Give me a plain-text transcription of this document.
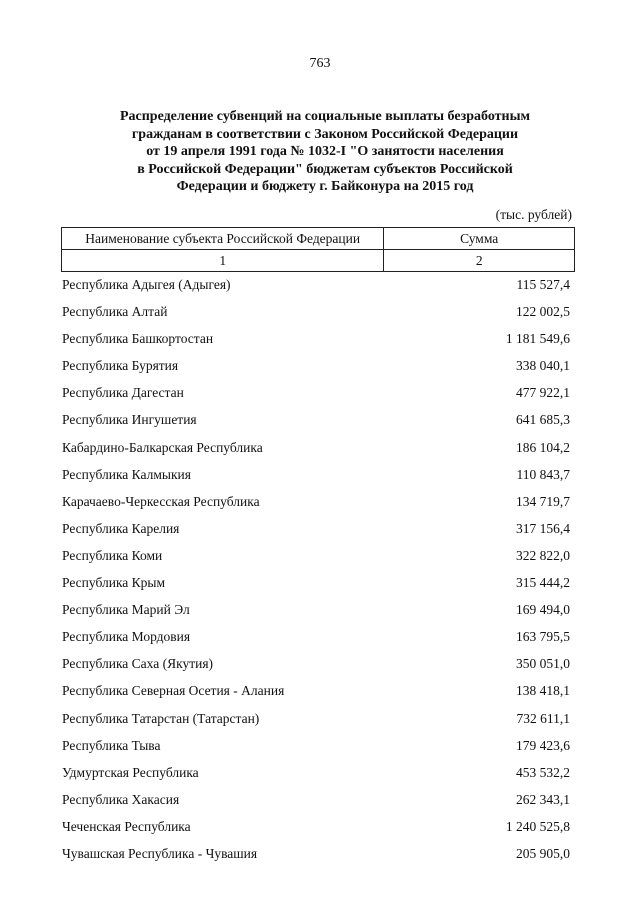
763
Распределение субвенций на социальные выплаты безработным
гражданам в соответствии с Законом Российской Федерации
от 19 апреля 1991 года № 1032-I "О занятости населения
в Российской Федерации" бюджетам субъектов Российской
Федерации и бюджету г. Байконура на 2015 год
(тыс. рублей)
Наименование субъекта Российской Федерации	Сумма
1	2
Республика Адыгея (Адыгея)	115 527,4
Республика Алтай	122 002,5
Республика Башкортостан	1 181 549,6
Республика Бурятия	338 040,1
Республика Дагестан	477 922,1
Республика Ингушетия	641 685,3
Кабардино-Балкарская Республика	186 104,2
Республика Калмыкия	110 843,7
Карачаево-Черкесская Республика	134 719,7
Республика Карелия	317 156,4
Республика Коми	322 822,0
Республика Крым	315 444,2
Республика Марий Эл	169 494,0
Республика Мордовия	163 795,5
Республика Саха (Якутия)	350 051,0
Республика Северная Осетия - Алания	138 418,1
Республика Татарстан (Татарстан)	732 611,1
Республика Тыва	179 423,6
Удмуртская Республика	453 532,2
Республика Хакасия	262 343,1
Чеченская Республика	1 240 525,8
Чувашская Республика - Чувашия	205 905,0
